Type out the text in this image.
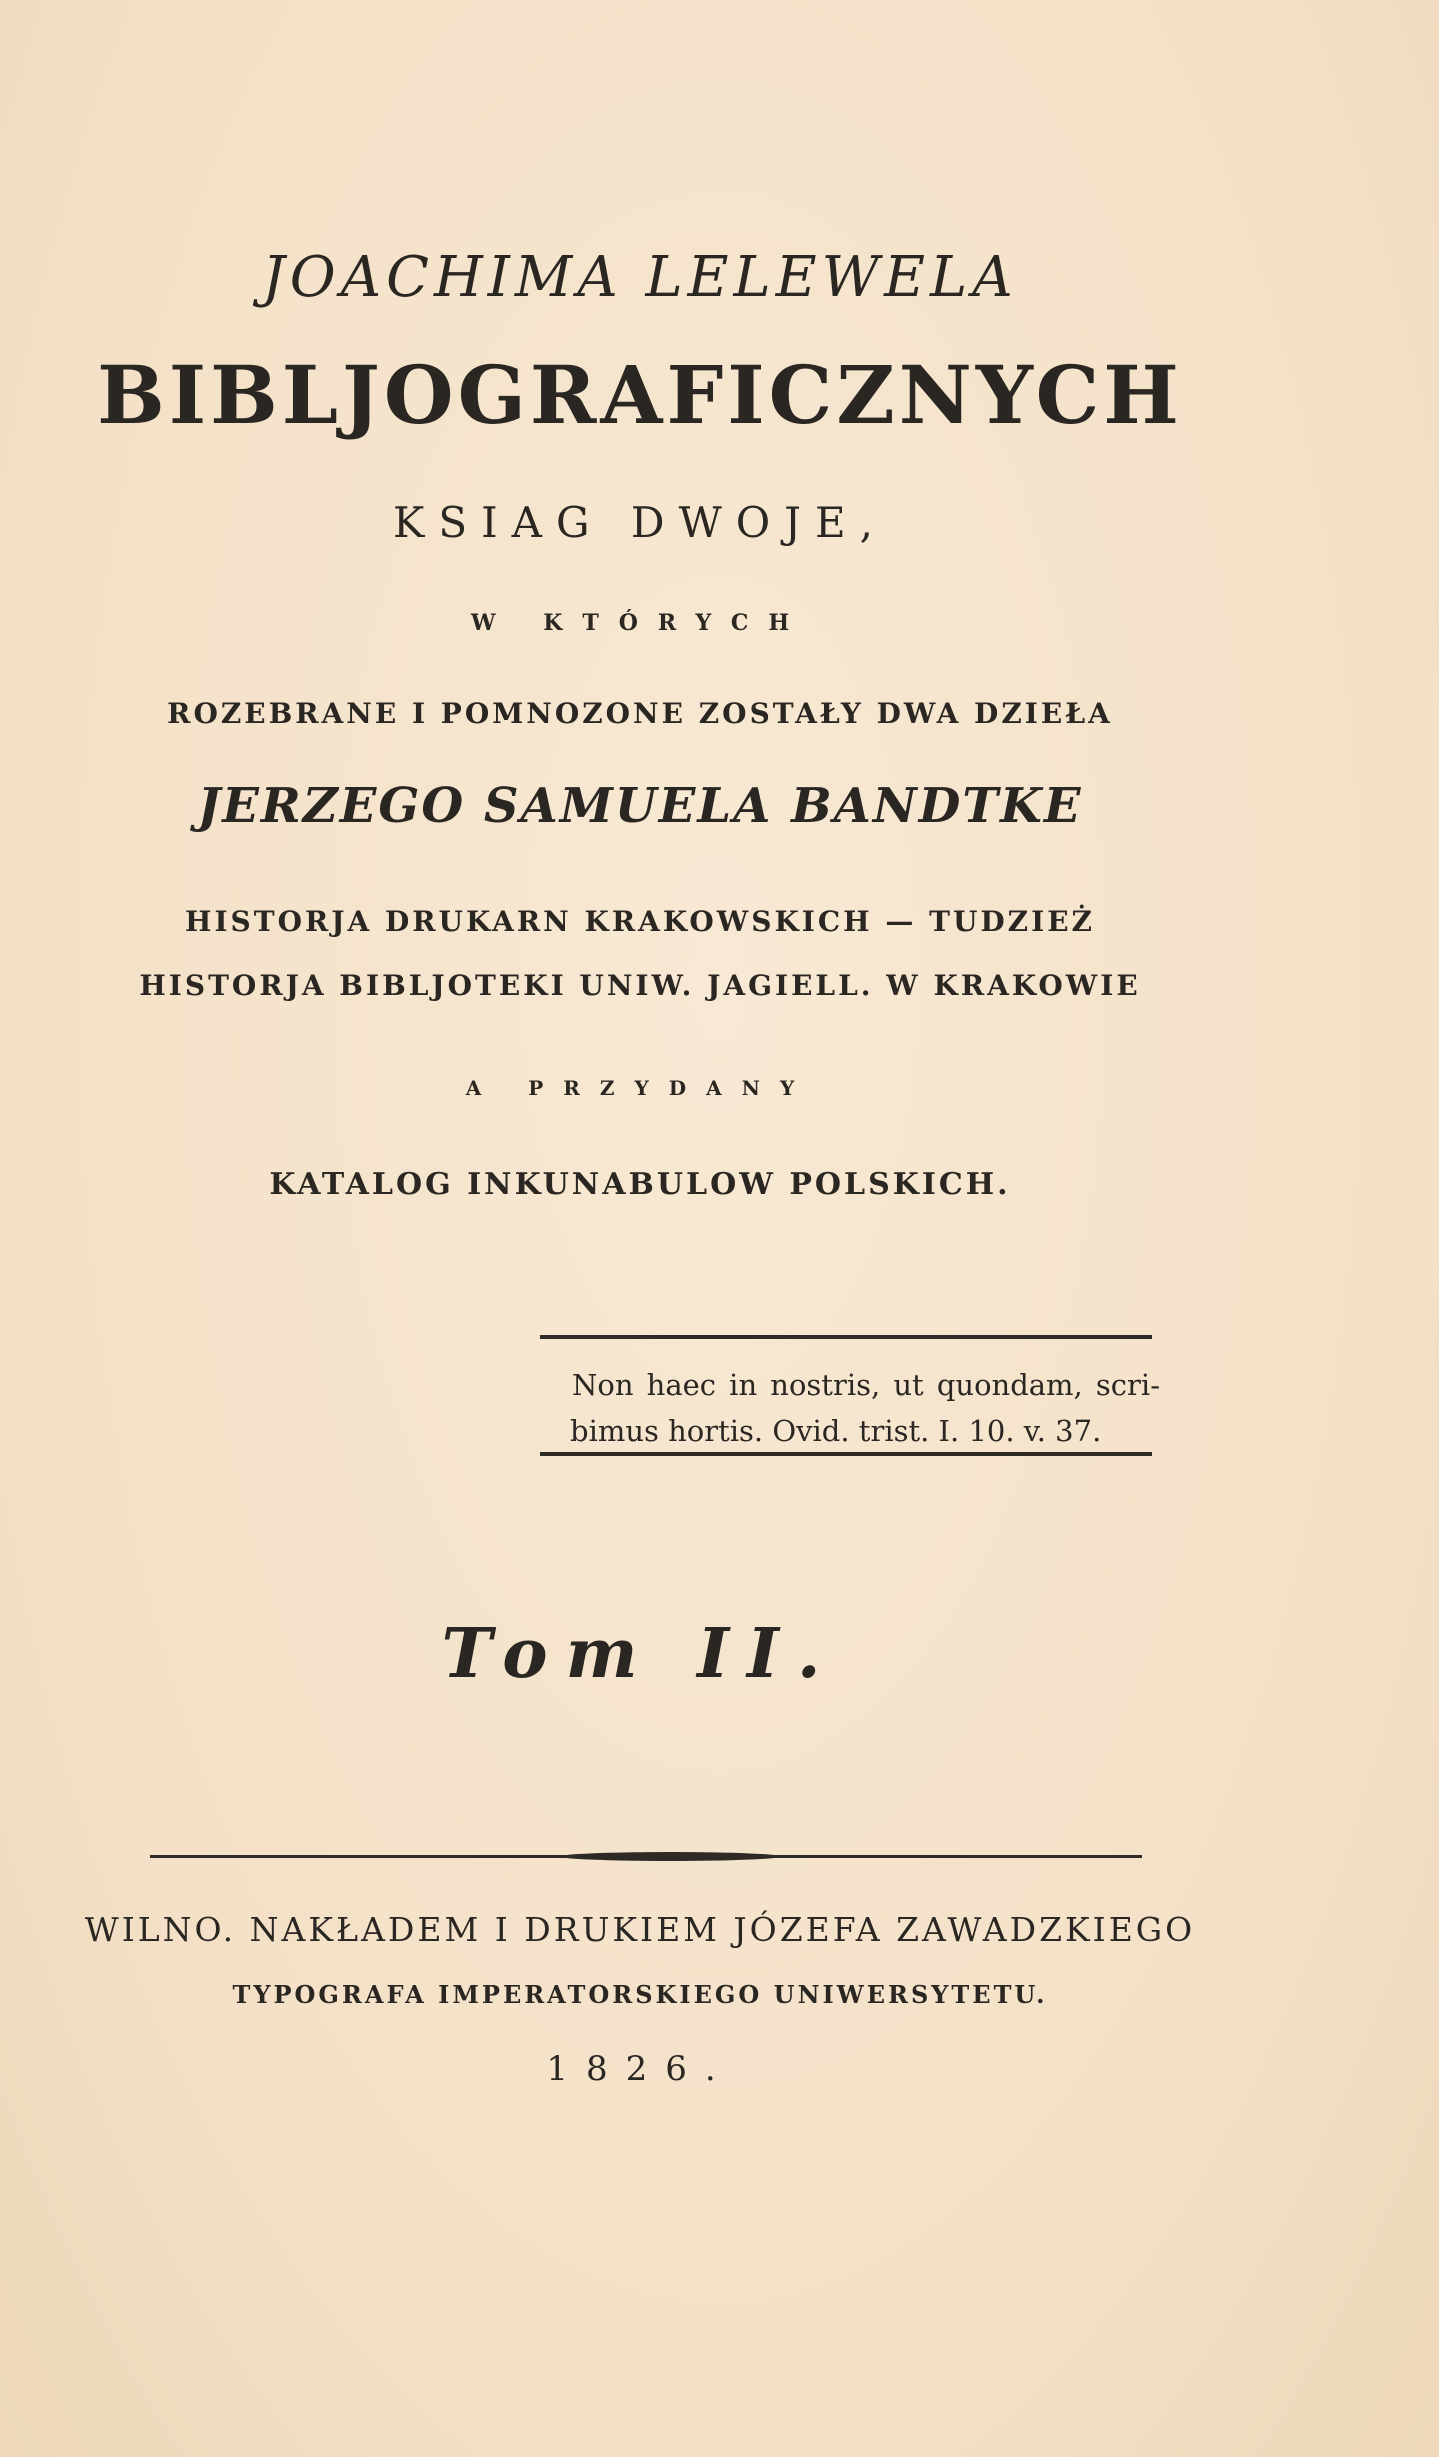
JOACHIMA LELEWELA
BIBLJOGRAFICZNYCH
KSIAG DWOJE,
W KTÓRYCH
ROZEBRANE I POMNOZONE ZOSTAŁY DWA DZIEŁA
JERZEGO SAMUELA BANDTKE
HISTORJA DRUKARN KRAKOWSKICH — TUDZIEŻ
HISTORJA BIBLJOTEKI UNIW. JAGIELL. W KRAKOWIE
A PRZYDANY
KATALOG INKUNABULOW POLSKICH.
Non haec in nostris, ut quondam, scri-
bimus hortis. Ovid. trist. I. 10. v. 37.
Tom II.
WILNO. NAKŁADEM I DRUKIEM JÓZEFA ZAWADZKIEGO
TYPOGRAFA IMPERATORSKIEGO UNIWERSYTETU.
1826.
